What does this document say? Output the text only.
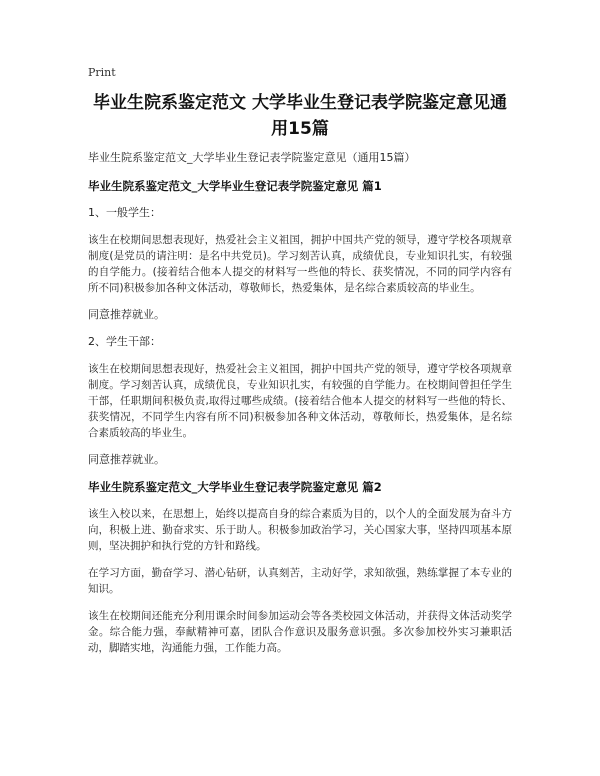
Print
毕业生院系鉴定范文 大学毕业生登记表学院鉴定意见通用15篇
毕业生院系鉴定范文_大学毕业生登记表学院鉴定意见（通用15篇）
毕业生院系鉴定范文_大学毕业生登记表学院鉴定意见 篇1
1、一般学生：
该生在校期间思想表现好，热爱社会主义祖国，拥护中国共产党的领导，遵守学校各项规章制度(是党员的请注明：是名中共党员)。学习刻苦认真，成绩优良，专业知识扎实，有较强的自学能力。(接着结合他本人提交的材料写一些他的特长、获奖情况，不同的同学内容有所不同)积极参加各种文体活动，尊敬师长，热爱集体，是名综合素质较高的毕业生。
同意推荐就业。
2、学生干部：
该生在校期间思想表现好，热爱社会主义祖国，拥护中国共产党的领导，遵守学校各项规章制度。学习刻苦认真，成绩优良，专业知识扎实，有较强的自学能力。在校期间曾担任学生干部，任职期间积极负责,取得过哪些成绩。(接着结合他本人提交的材料写一些他的特长、获奖情况，不同学生内容有所不同)积极参加各种文体活动，尊敬师长，热爱集体，是名综合素质较高的毕业生。
同意推荐就业。
毕业生院系鉴定范文_大学毕业生登记表学院鉴定意见 篇2
该生入校以来，在思想上，始终以提高自身的综合素质为目的，以个人的全面发展为奋斗方向，积极上进、勤奋求实、乐于助人。积极参加政治学习，关心国家大事，坚持四项基本原则，坚决拥护和执行党的方针和路线。
在学习方面，勤奋学习、潜心钻研，认真刻苦，主动好学，求知欲强，熟练掌握了本专业的知识。
该生在校期间还能充分利用课余时间参加运动会等各类校园文体活动，并获得文体活动奖学金。综合能力强，奉献精神可嘉，团队合作意识及服务意识强。多次参加校外实习兼职活动，脚踏实地，沟通能力强，工作能力高。
